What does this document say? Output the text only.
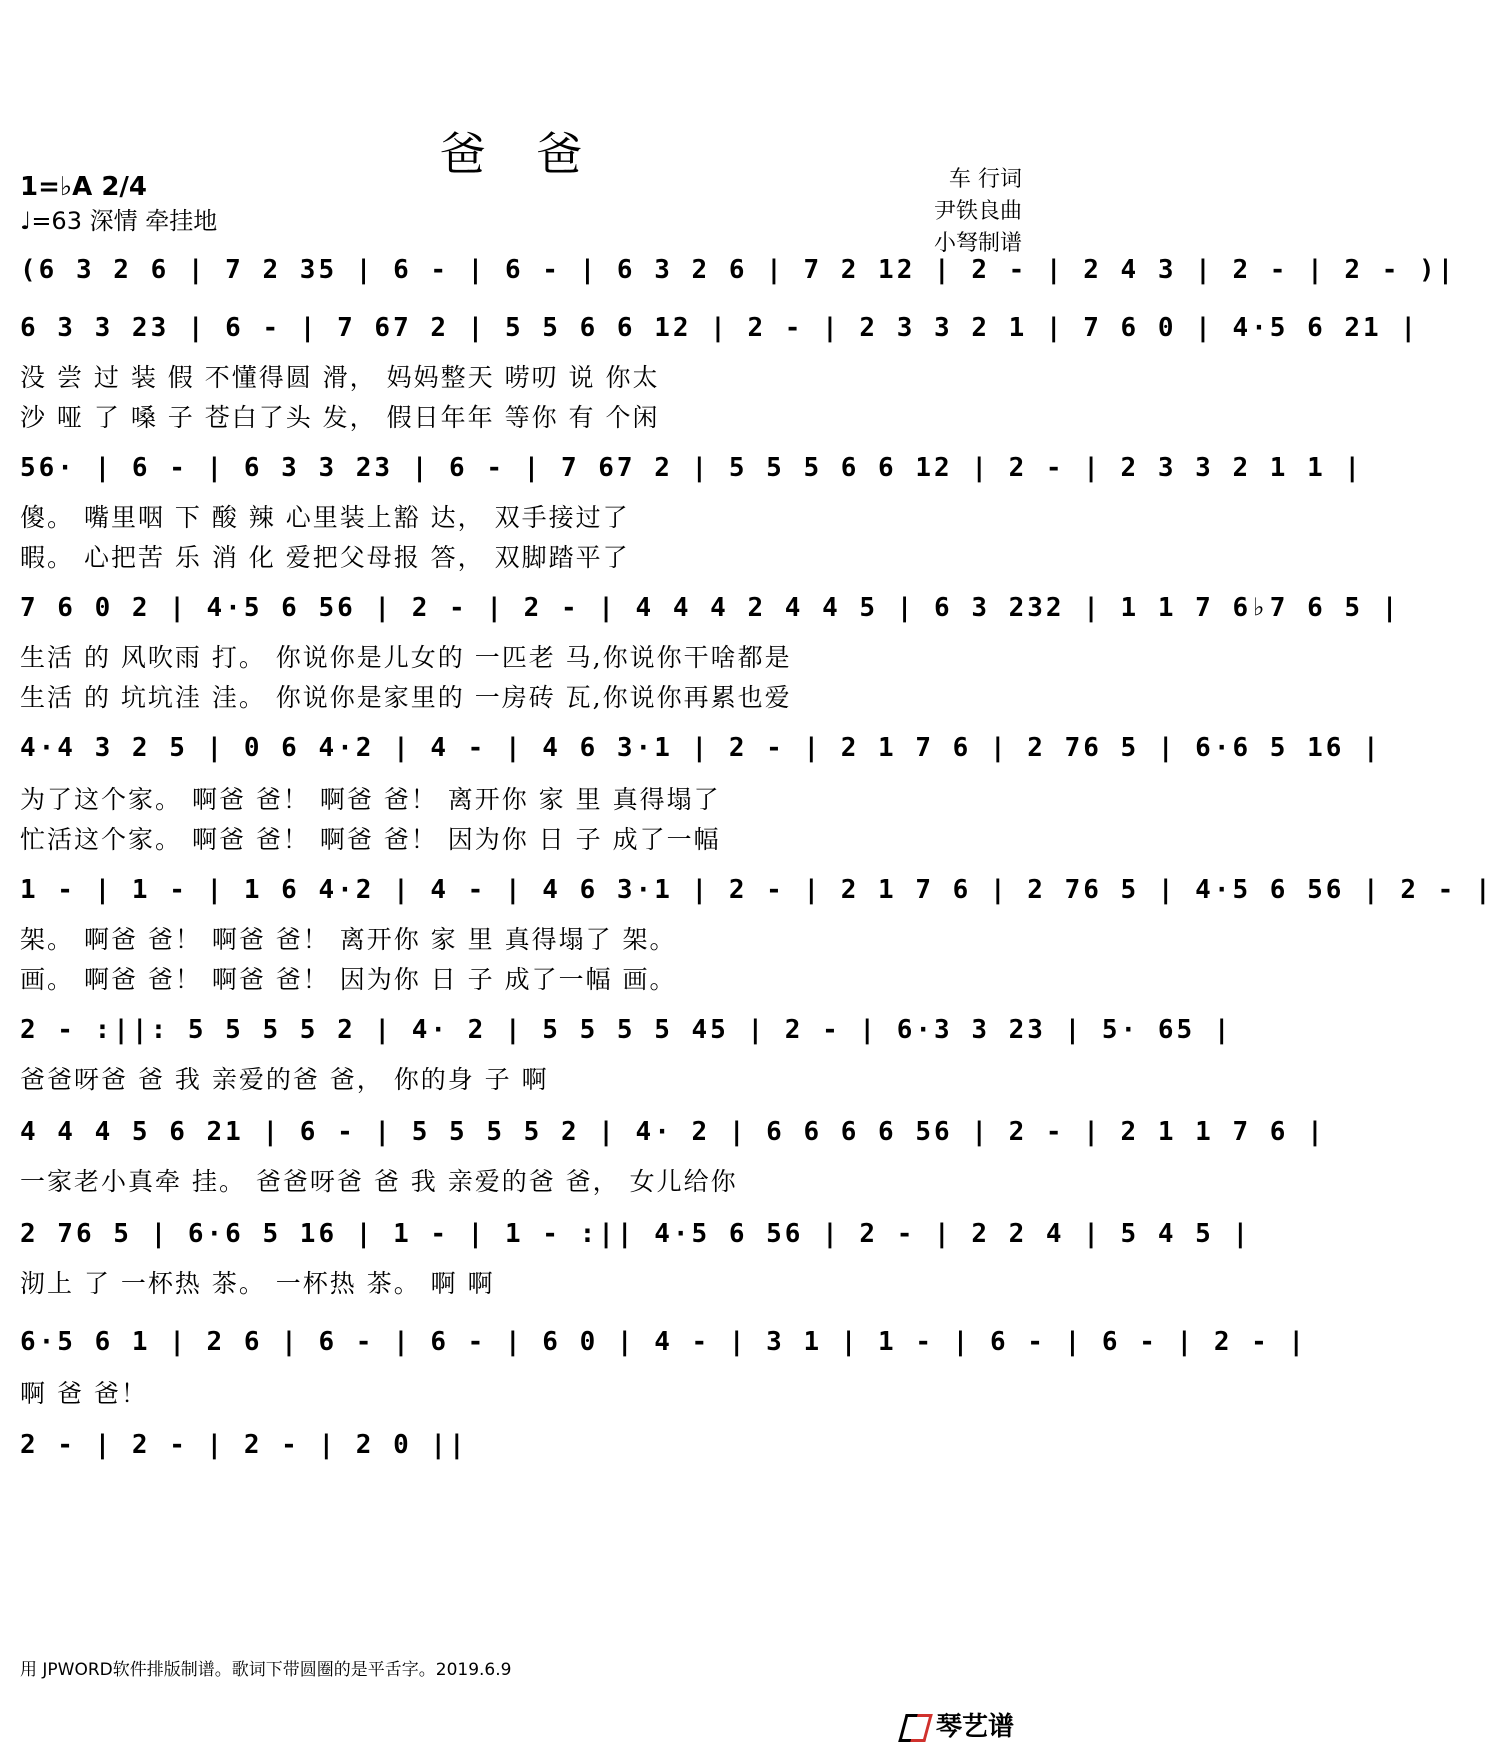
爸 爸
1=♭A 2/4
♩=63 深情 牵挂地
车 行词
尹铁良曲
小弩制谱
(6 3 2 6 | 7 2 35 | 6 - | 6 - | 6 3 2 6 | 7 2 12 | 2 - | 2 4 3 | 2 - | 2 - )|
6 3 3 23 | 6 - | 7 67 2 | 5 5 6 6 12 | 2 - | 2 3 3 2 1 | 7 6 0 | 4·5 6 21 |
没 尝 过 装 假 不懂得圆 滑， 妈妈整天 唠叨 说 你太
沙 哑 了 嗓 子 苍白了头 发， 假日年年 等你 有 个闲
56· | 6 - | 6 3 3 23 | 6 - | 7 67 2 | 5 5 5 6 6 12 | 2 - | 2 3 3 2 1 1 |
傻。 嘴里咽 下 酸 辣 心里装上豁 达， 双手接过了
暇。 心把苦 乐 消 化 爱把父母报 答， 双脚踏平了
7 6 0 2 | 4·5 6 56 | 2 - | 2 - | 4 4 4 2 4 4 5 | 6 3 232 | 1 1 7 6♭7 6 5 |
生活 的 风吹雨 打。 你说你是儿女的 一匹老 马,你说你干啥都是
生活 的 坑坑洼 洼。 你说你是家里的 一房砖 瓦,你说你再累也爱
4·4 3 2 5 | 0 6 4·2 | 4 - | 4 6 3·1 | 2 - | 2 1 7 6 | 2 76 5 | 6·6 5 16 |
为了这个家。 啊爸 爸！ 啊爸 爸！ 离开你 家 里 真得塌了
忙活这个家。 啊爸 爸！ 啊爸 爸！ 因为你 日 子 成了一幅
1 - | 1 - | 1 6 4·2 | 4 - | 4 6 3·1 | 2 - | 2 1 7 6 | 2 76 5 | 4·5 6 56 | 2 - |
架。 啊爸 爸！ 啊爸 爸！ 离开你 家 里 真得塌了 架。
画。 啊爸 爸！ 啊爸 爸！ 因为你 日 子 成了一幅 画。
2 - :||: 5 5 5 5 2 | 4· 2 | 5 5 5 5 45 | 2 - | 6·3 3 23 | 5· 65 |
爸爸呀爸 爸 我 亲爱的爸 爸， 你的身 子 啊
4 4 4 5 6 21 | 6 - | 5 5 5 5 2 | 4· 2 | 6 6 6 6 56 | 2 - | 2 1 1 7 6 |
一家老小真牵 挂。 爸爸呀爸 爸 我 亲爱的爸 爸， 女儿给你
2 76 5 | 6·6 5 16 | 1 - | 1 - :|| 4·5 6 56 | 2 - | 2 2 4 | 5 4 5 |
沏上 了 一杯热 茶。 一杯热 茶。 啊 啊
6·5 6 1 | 2 6 | 6 - | 6 - | 6 0 | 4 - | 3 1 | 1 - | 6 - | 6 - | 2 - |
啊 爸 爸！
2 - | 2 - | 2 - | 2 0 ||
用 JPWORD软件排版制谱。歌词下带圆圈的是平舌字。2019.6.9
琴艺谱
